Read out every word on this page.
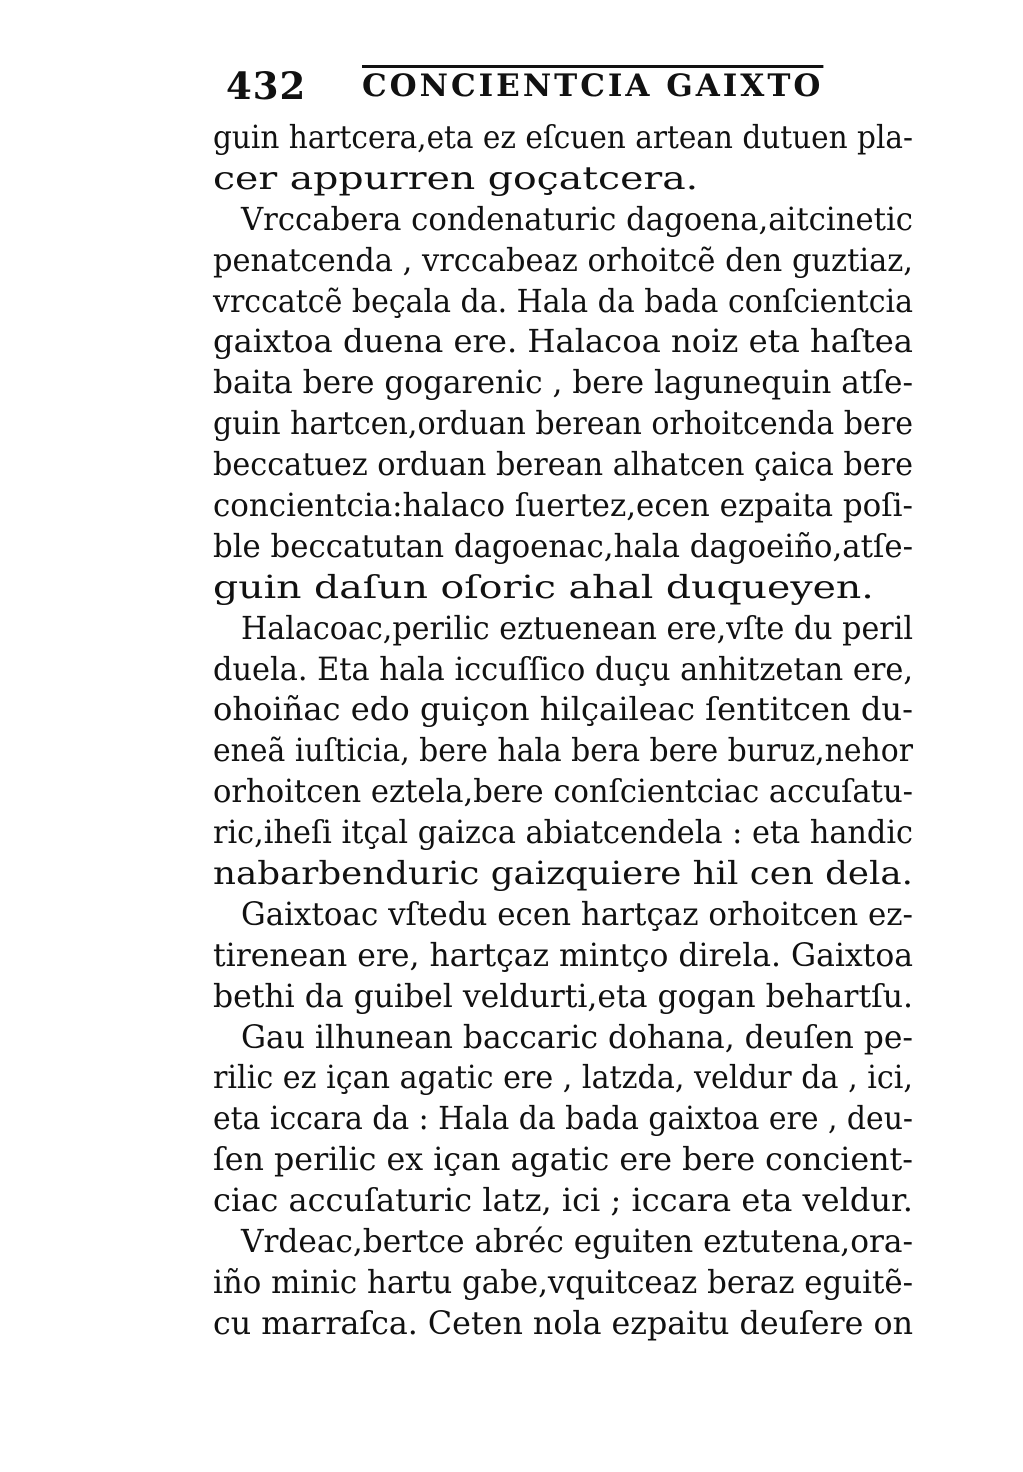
432 CONCIENTCIA GAIXTO
guin hartcera,eta ez eſcuen artean dutuen pla-
cer appurren goçatcera.
Vrccabera condenaturic dagoena,aitcinetic
penatcenda , vrccabeaz orhoitcẽ den guztiaz,
vrccatcẽ beçala da. Hala da bada conſcientcia
gaixtoa duena ere. Halacoa noiz eta haſtea
baita bere gogarenic , bere lagunequin atſe-
guin hartcen,orduan berean orhoitcenda bere
beccatuez orduan berean alhatcen çaica bere
concientcia:halaco ſuertez,ecen ezpaita poſi-
ble beccatutan dagoenac,hala dagoeiño,atſe-
guin daſun oſoric ahal duqueyen.
Halacoac,perilic eztuenean ere,vſte du peril
duela. Eta hala iccuſſico duçu anhitzetan ere,
ohoiñac edo guiçon hilçaileac ſentitcen du-
eneã iuſticia, bere hala bera bere buruz,nehor
orhoitcen eztela,bere conſcientciac accuſatu-
ric,iheſi itçal gaizca abiatcendela : eta handic
nabarbenduric gaizquiere hil cen dela.
Gaixtoac vſtedu ecen hartçaz orhoitcen ez-
tirenean ere, hartçaz mintço direla. Gaixtoa
bethi da guibel veldurti,eta gogan behartſu.
Gau ilhunean baccaric dohana, deuſen pe-
rilic ez içan agatic ere , latzda, veldur da , ici,
eta iccara da : Hala da bada gaixtoa ere , deu-
ſen perilic ex içan agatic ere bere concient-
ciac accuſaturic latz, ici ; iccara eta veldur.
Vrdeac,bertce abréc eguiten eztutena,ora-
iño minic hartu gabe,vquitceaz beraz eguitẽ-
cu marraſca. Ceten nola ezpaitu deuſere on
